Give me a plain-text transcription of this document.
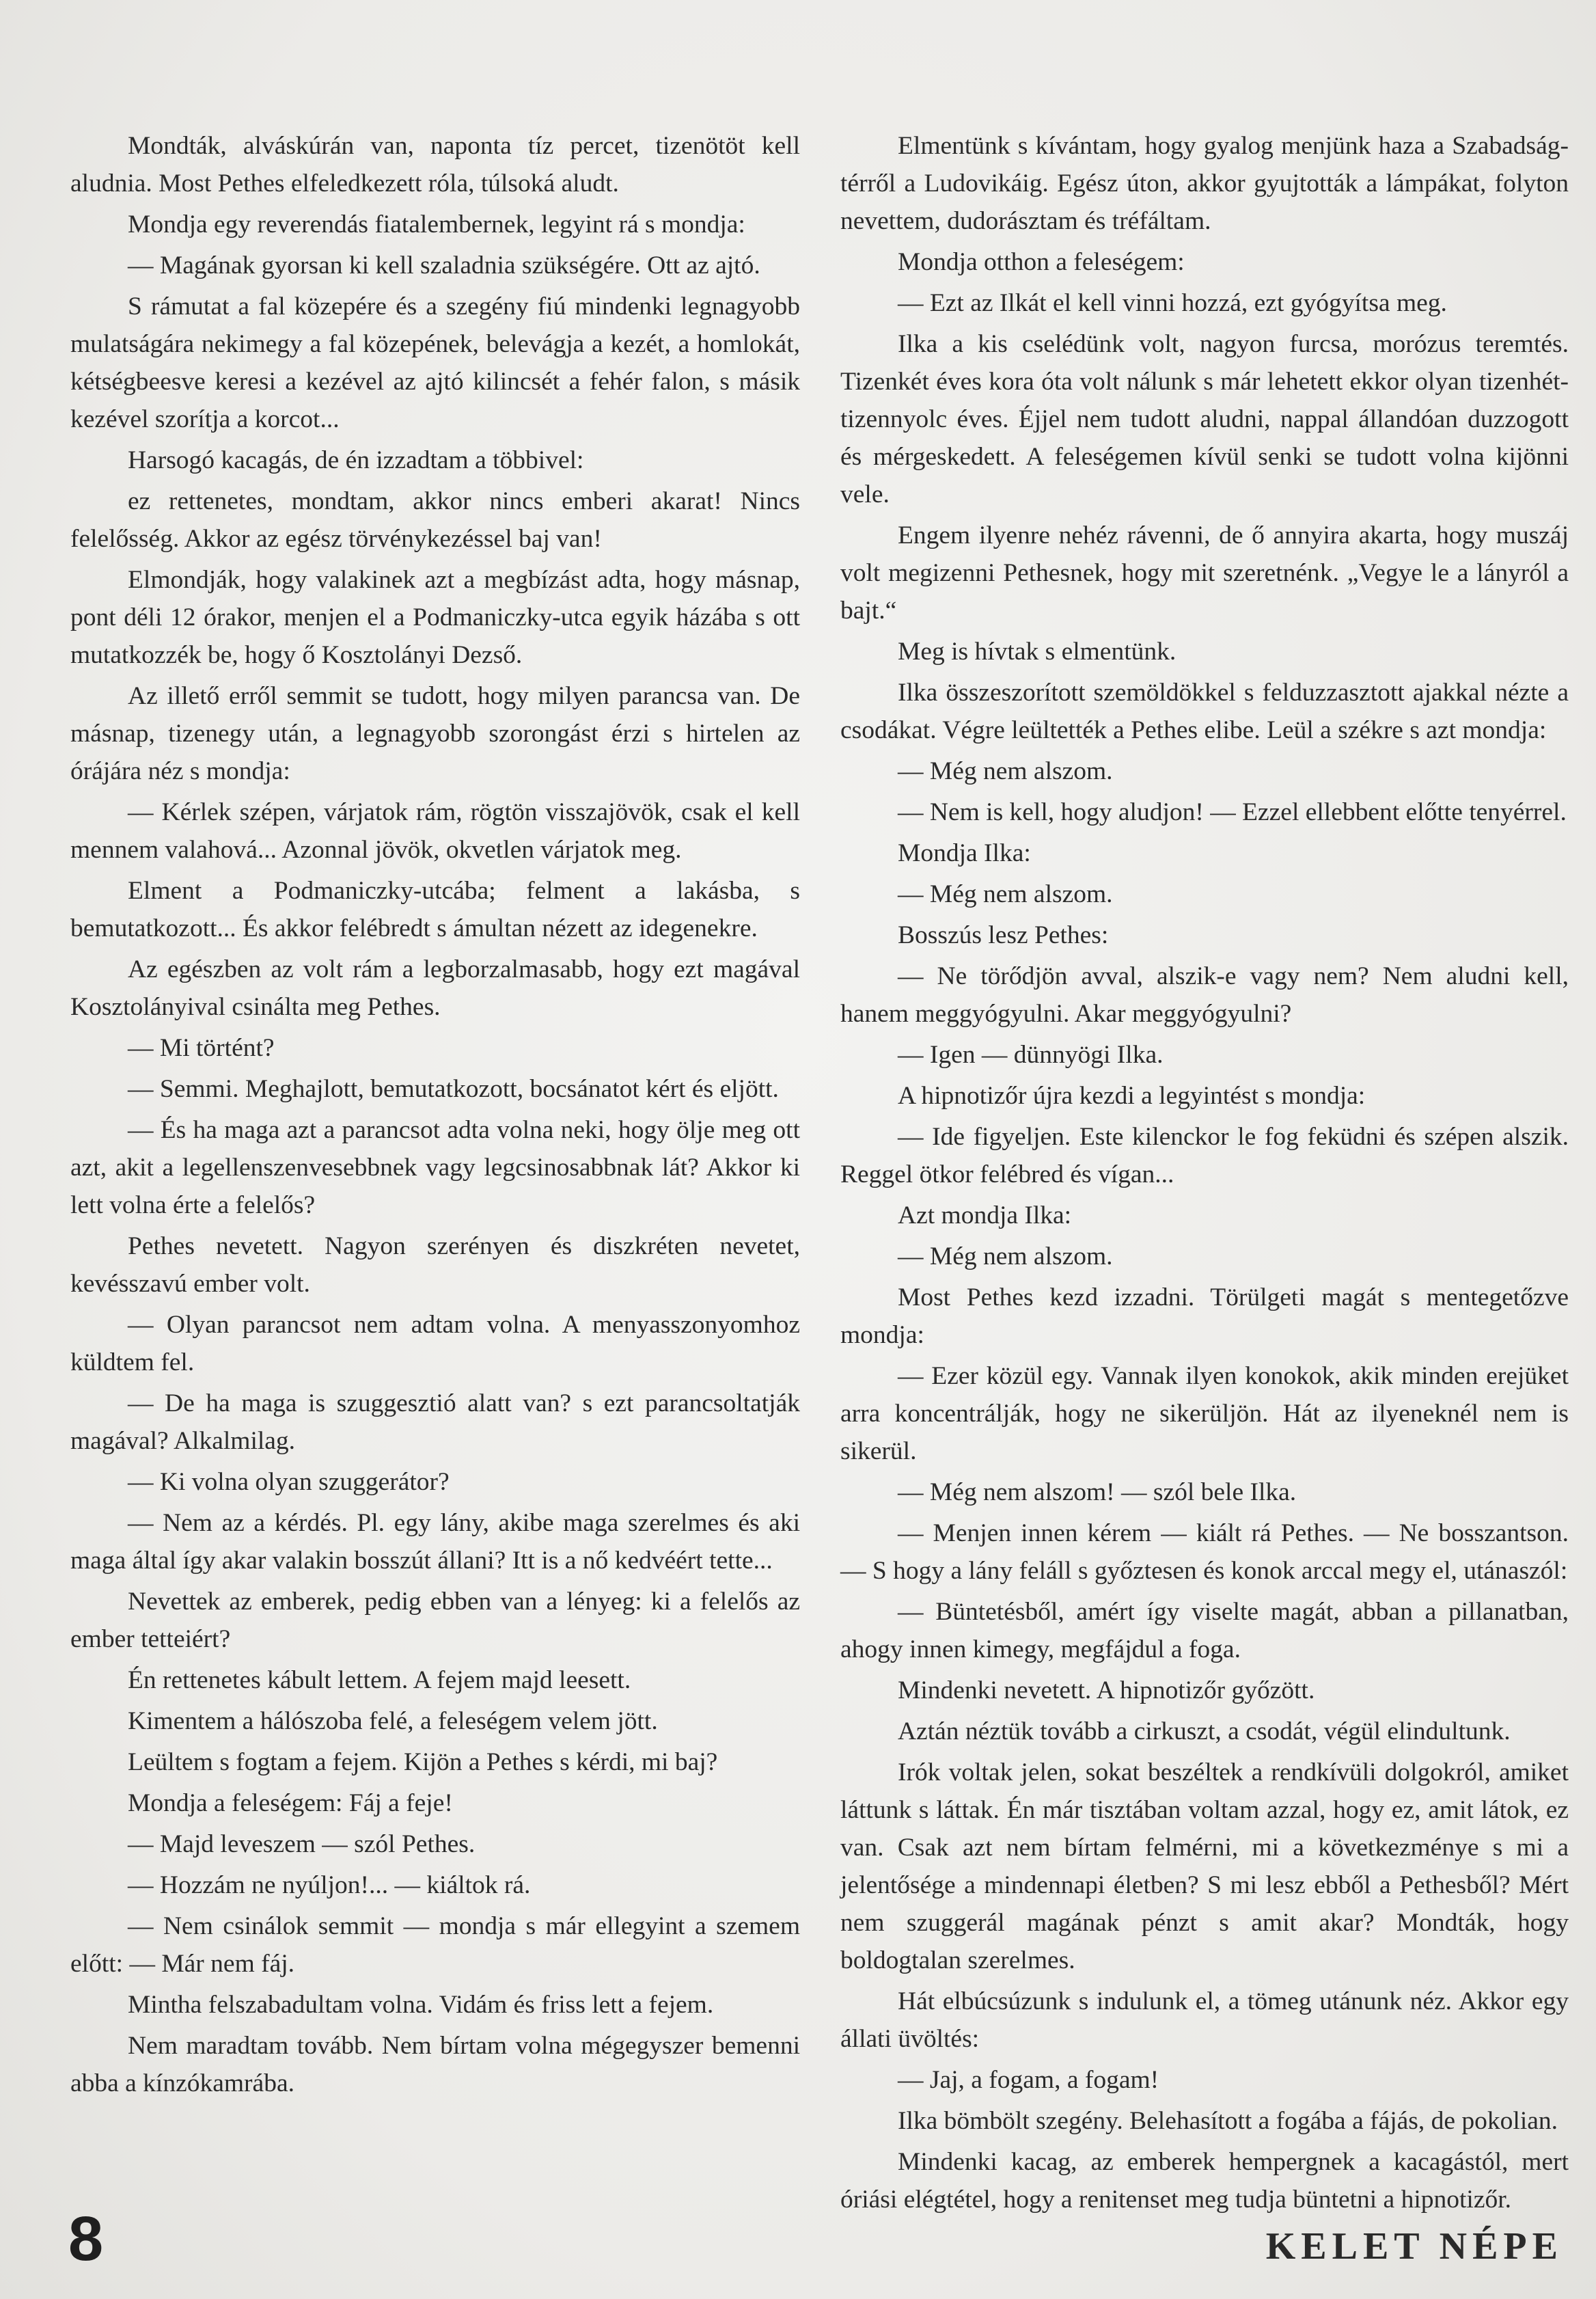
Mondták, alváskúrán van, naponta tíz percet, tizenötöt kell aludnia. Most Pethes elfeledkezett róla, túlsoká aludt.

Mondja egy reverendás fiatalembernek, legyint rá s mondja:

— Magának gyorsan ki kell szaladnia szükségére. Ott az ajtó.

S rámutat a fal közepére és a szegény fiú mindenki legnagyobb mulatságára nekimegy a fal közepének, belevágja a kezét, a homlokát, kétségbeesve keresi a kezével az ajtó kilincsét a fehér falon, s másik kezével szorítja a korcot...

Harsogó kacagás, de én izzadtam a többivel:

ez rettenetes, mondtam, akkor nincs emberi akarat! Nincs felelősség. Akkor az egész törvénykezéssel baj van!

Elmondják, hogy valakinek azt a megbízást adta, hogy másnap, pont déli 12 órakor, menjen el a Podmaniczky-utca egyik házába s ott mutatkozzék be, hogy ő Kosztolányi Dezső.

Az illető erről semmit se tudott, hogy milyen parancsa van. De másnap, tizenegy után, a legnagyobb szorongást érzi s hirtelen az órájára néz s mondja:

— Kérlek szépen, várjatok rám, rögtön visszajövök, csak el kell mennem valahová... Azonnal jövök, okvetlen várjatok meg.

Elment a Podmaniczky-utcába; felment a lakásba, s bemutatkozott... És akkor felébredt s ámultan nézett az idegenekre.

Az egészben az volt rám a legborzalmasabb, hogy ezt magával Kosztolányival csinálta meg Pethes.

— Mi történt?

— Semmi. Meghajlott, bemutatkozott, bocsánatot kért és eljött.

— És ha maga azt a parancsot adta volna neki, hogy ölje meg ott azt, akit a legellenszenvesebbnek vagy legcsinosabbnak lát? Akkor ki lett volna érte a felelős?

Pethes nevetett. Nagyon szerényen és diszkréten nevetet, kevésszavú ember volt.

— Olyan parancsot nem adtam volna. A menyasszonyomhoz küldtem fel.

— De ha maga is szuggesztió alatt van? s ezt parancsoltatják magával? Alkalmilag.

— Ki volna olyan szuggerátor?

— Nem az a kérdés. Pl. egy lány, akibe maga szerelmes és aki maga által így akar valakin bosszút állani? Itt is a nő kedvéért tette...

Nevettek az emberek, pedig ebben van a lényeg: ki a felelős az ember tetteiért?

Én rettenetes kábult lettem. A fejem majd leesett.

Kimentem a hálószoba felé, a feleségem velem jött.

Leültem s fogtam a fejem. Kijön a Pethes s kérdi, mi baj?

Mondja a feleségem: Fáj a feje!

— Majd leveszem — szól Pethes.

— Hozzám ne nyúljon!... — kiáltok rá.

— Nem csinálok semmit — mondja s már ellegyint a szemem előtt: — Már nem fáj.

Mintha felszabadultam volna. Vidám és friss lett a fejem.

Nem maradtam tovább. Nem bírtam volna mégegyszer bemenni abba a kínzókamrába.

Elmentünk s kívántam, hogy gyalog menjünk haza a Szabadság-térről a Ludovikáig. Egész úton, akkor gyujtották a lámpákat, folyton nevettem, dudorásztam és tréfáltam.

Mondja otthon a feleségem:

— Ezt az Ilkát el kell vinni hozzá, ezt gyógyítsa meg.

Ilka a kis cselédünk volt, nagyon furcsa, morózus teremtés. Tizenkét éves kora óta volt nálunk s már lehetett ekkor olyan tizenhét-tizennyolc éves. Éjjel nem tudott aludni, nappal állandóan duzzogott és mérgeskedett. A feleségemen kívül senki se tudott volna kijönni vele.

Engem ilyenre nehéz rávenni, de ő annyira akarta, hogy muszáj volt megizenni Pethesnek, hogy mit szeretnénk. „Vegye le a lányról a bajt.“

Meg is hívtak s elmentünk.

Ilka összeszorított szemöldökkel s felduzzasztott ajakkal nézte a csodákat. Végre leültették a Pethes elibe. Leül a székre s azt mondja:

— Még nem alszom.

— Nem is kell, hogy aludjon! — Ezzel ellebbent előtte tenyérrel.

Mondja Ilka:

— Még nem alszom.

Bosszús lesz Pethes:

— Ne törődjön avval, alszik-e vagy nem? Nem aludni kell, hanem meggyógyulni. Akar meggyógyulni?

— Igen — dünnyögi Ilka.

A hipnotizőr újra kezdi a legyintést s mondja:

— Ide figyeljen. Este kilenckor le fog feküdni és szépen alszik. Reggel ötkor felébred és vígan...

Azt mondja Ilka:

— Még nem alszom.

Most Pethes kezd izzadni. Törülgeti magát s mentegetőzve mondja:

— Ezer közül egy. Vannak ilyen konokok, akik minden erejüket arra koncentrálják, hogy ne sikerüljön. Hát az ilyeneknél nem is sikerül.

— Még nem alszom! — szól bele Ilka.

— Menjen innen kérem — kiált rá Pethes. — Ne bosszantson. — S hogy a lány feláll s győztesen és konok arccal megy el, utánaszól:

— Büntetésből, amért így viselte magát, abban a pillanatban, ahogy innen kimegy, megfájdul a foga.

Mindenki nevetett. A hipnotizőr győzött.

Aztán néztük tovább a cirkuszt, a csodát, végül elindultunk.

Irók voltak jelen, sokat beszéltek a rendkívüli dolgokról, amiket láttunk s láttak. Én már tisztában voltam azzal, hogy ez, amit látok, ez van. Csak azt nem bírtam felmérni, mi a következménye s mi a jelentősége a mindennapi életben? S mi lesz ebből a Pethesből? Mért nem szuggerál magának pénzt s amit akar? Mondták, hogy boldogtalan szerelmes.

Hát elbúcsúzunk s indulunk el, a tömeg utánunk néz. Akkor egy állati üvöltés:

— Jaj, a fogam, a fogam!

Ilka bömbölt szegény. Belehasított a fogába a fájás, de pokolian.

Mindenki kacag, az emberek hempergnek a kacagástól, mert óriási elégtétel, hogy a renitenset meg tudja büntetni a hipnotizőr.

8	KELET NÉPE
